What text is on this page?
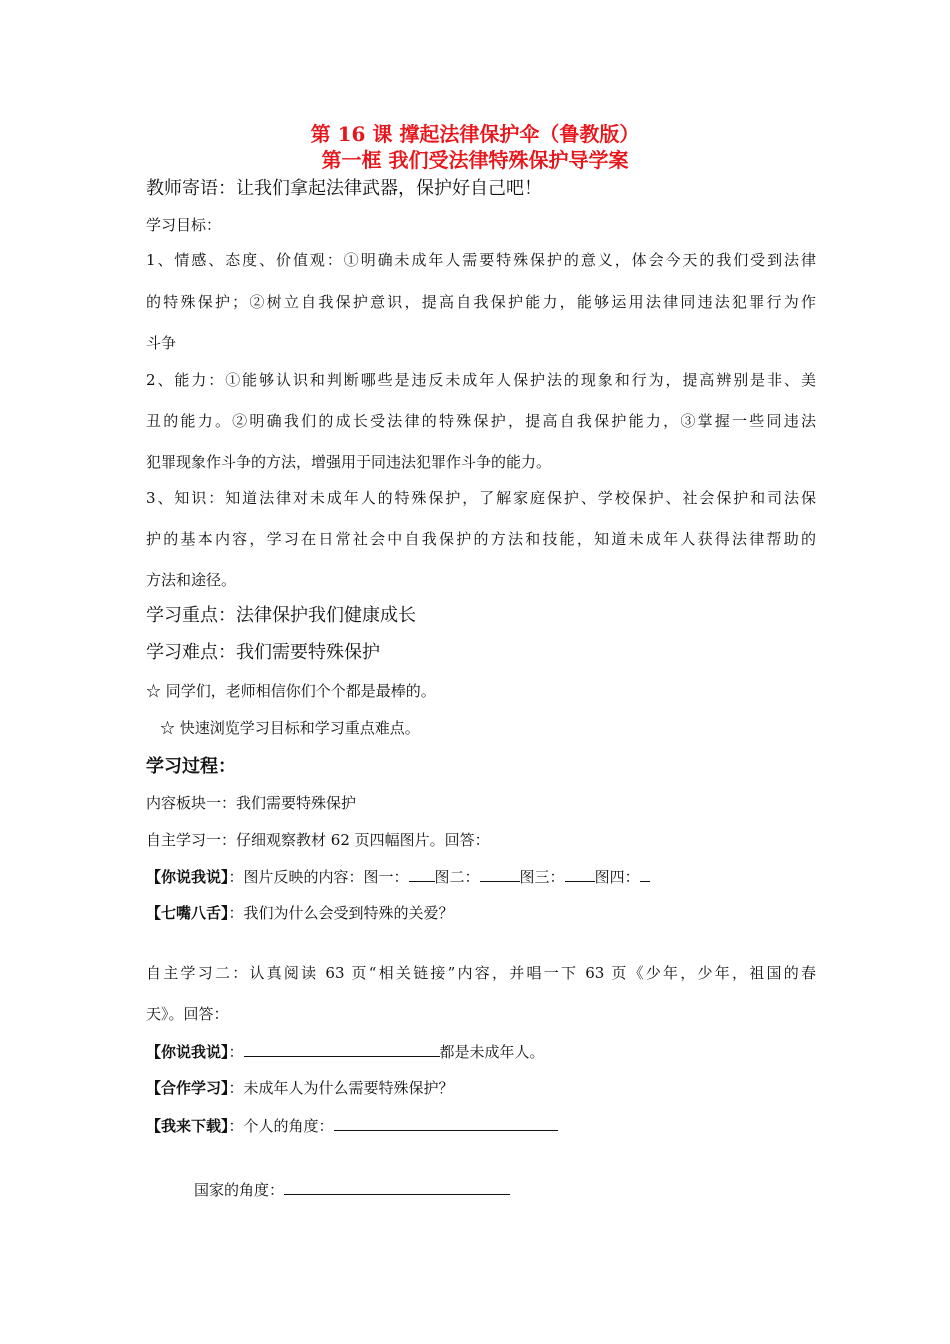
第 16 课 撑起法律保护伞（鲁教版）
第一框 我们受法律特殊保护导学案
教师寄语：让我们拿起法律武器，保护好自己吧！
学习目标：
1、情感、态度、价值观：①明确未成年人需要特殊保护的意义，体会今天的我们受到法律
的特殊保护；②树立自我保护意识，提高自我保护能力，能够运用法律同违法犯罪行为作
斗争
2、能力：①能够认识和判断哪些是违反未成年人保护法的现象和行为，提高辨别是非、美
丑的能力。②明确我们的成长受法律的特殊保护，提高自我保护能力，③掌握一些同违法
犯罪现象作斗争的方法，增强用于同违法犯罪作斗争的能力。
3、知识：知道法律对未成年人的特殊保护，了解家庭保护、学校保护、社会保护和司法保
护的基本内容，学习在日常社会中自我保护的方法和技能，知道未成年人获得法律帮助的
方法和途径。
学习重点：法律保护我们健康成长
学习难点：我们需要特殊保护
☆ 同学们，老师相信你们个个都是最棒的。
☆ 快速浏览学习目标和学习重点难点。
学习过程：
内容板块一：我们需要特殊保护
自主学习一：仔细观察教材 62 页四幅图片。回答：
【你说我说】：图片反映的内容：图一： 图二：	图三： 图四：
【七嘴八舌】：我们为什么会受到特殊的关爱？
自主学习二：认真阅读 63 页“相关链接”内容，并唱一下 63 页《少年，少年，祖国的春
天》。回答：
【你说我说】：	都是未成年人。
【合作学习】：未成年人为什么需要特殊保护？
【我来下载】：个人的角度：
国家的角度：
